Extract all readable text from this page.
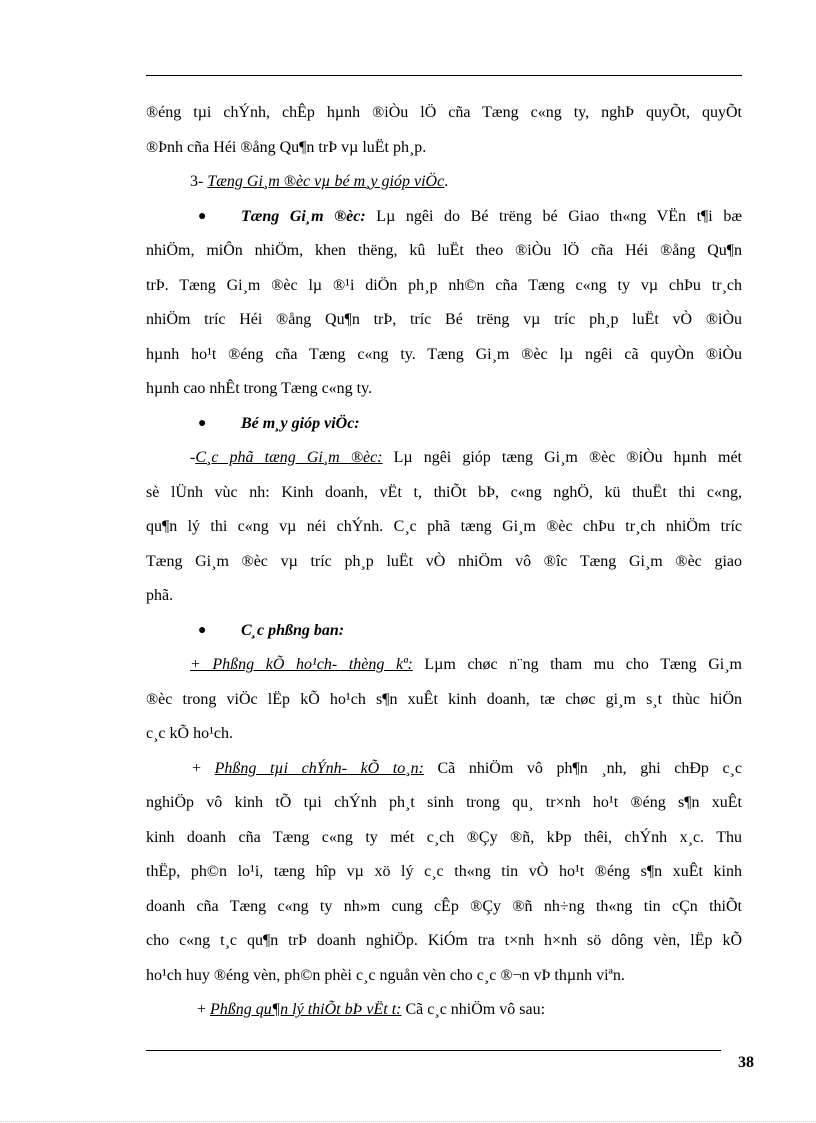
®éng tµi chÝnh, chÊp hµnh ®iÒu lÖ cña Tæng c«ng ty, nghÞ quyÕt, quyÕt
®Þnh cña Héi ®ång Qu¶n trÞ vµ luËt ph¸p.
3- Tæng Gi¸m ®èc vµ bé m¸y gióp viÖc.
● Tæng Gi¸m ®èc: Lµ ngêi do Bé trëng bé Giao th«ng VËn t¶i bæ
nhiÖm, miÔn nhiÖm, khen thëng, kû luËt theo ®iÒu lÖ cña Héi ®ång Qu¶n
trÞ. Tæng Gi¸m ®èc lµ ®¹i diÖn ph¸p nh©n cña Tæng c«ng ty vµ chÞu tr¸ch
nhiÖm tríc Héi ®ång Qu¶n trÞ, tríc Bé trëng vµ tríc ph¸p luËt vÒ ®iÒu
hµnh ho¹t ®éng cña Tæng c«ng ty. Tæng Gi¸m ®èc lµ ngêi cã quyÒn ®iÒu
hµnh cao nhÊt trong Tæng c«ng ty.
● Bé m¸y gióp viÖc:
-C¸c phã tæng Gi¸m ®èc: Lµ ngêi gióp tæng Gi¸m ®èc ®iÒu hµnh mét
sè lÜnh vùc nh: Kinh doanh, vËt t, thiÕt bÞ, c«ng nghÖ, kü thuËt thi c«ng,
qu¶n lý thi c«ng vµ néi chÝnh. C¸c phã tæng Gi¸m ®èc chÞu tr¸ch nhiÖm tríc
Tæng Gi¸m ®èc vµ tríc ph¸p luËt vÒ nhiÖm vô ®îc Tæng Gi¸m ®èc giao
phã.
● C¸c phßng ban:
+ Phßng kÕ ho¹ch- thèng kª: Lµm chøc n¨ng tham mu cho Tæng Gi¸m
®èc trong viÖc lËp kÕ ho¹ch s¶n xuÊt kinh doanh, tæ chøc gi¸m s¸t thùc hiÖn
c¸c kÕ ho¹ch.
+ Phßng tµi chÝnh- kÕ to¸n: Cã nhiÖm vô ph¶n ¸nh, ghi chÐp c¸c
nghiÖp vô kinh tÕ tµi chÝnh ph¸t sinh trong qu¸ tr×nh ho¹t ®éng s¶n xuÊt
kinh doanh cña Tæng c«ng ty mét c¸ch ®Çy ®ñ, kÞp thêi, chÝnh x¸c. Thu
thËp, ph©n lo¹i, tæng hîp vµ xö lý c¸c th«ng tin vÒ ho¹t ®éng s¶n xuÊt kinh
doanh cña Tæng c«ng ty nh»m cung cÊp ®Çy ®ñ nh÷ng th«ng tin cÇn thiÕt
cho c«ng t¸c qu¶n trÞ doanh nghiÖp. KiÓm tra t×nh h×nh sö dông vèn, lËp kÕ
ho¹ch huy ®éng vèn, ph©n phèi c¸c nguån vèn cho c¸c ®¬n vÞ thµnh viªn.
+ Phßng qu¶n lý thiÕt bÞ vËt t: Cã c¸c nhiÖm vô sau:
38
